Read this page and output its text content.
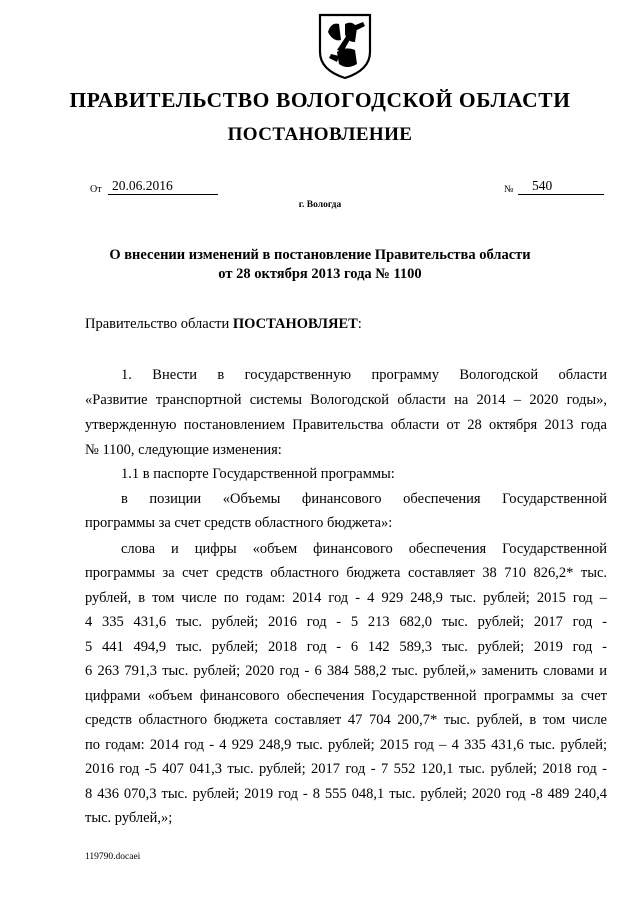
ПРАВИТЕЛЬСТВО ВОЛОГОДСКОЙ ОБЛАСТИ
ПОСТАНОВЛЕНИЕ
От 20.06.2016	№	540
г. Вологда
О внесении изменений в постановление Правительства области
от 28 октября 2013 года № 1100
Правительство области ПОСТАНОВЛЯЕТ:
1. Внести в государственную программу Вологодской области
«Развитие транспортной системы Вологодской области на 2014 – 2020 годы»,
утвержденную постановлением Правительства области от 28 октября 2013 года
№ 1100, следующие изменения:
1.1 в паспорте Государственной программы:
в позиции «Объемы финансового обеспечения Государственной
программы за счет средств областного бюджета»:
слова и цифры «объем финансового обеспечения Государственной
программы за счет средств областного бюджета составляет 38 710 826,2* тыс.
рублей, в том числе по годам: 2014 год - 4 929 248,9 тыс. рублей; 2015 год –
4 335 431,6 тыс. рублей; 2016 год - 5 213 682,0 тыс. рублей; 2017 год -
5 441 494,9 тыс. рублей; 2018 год - 6 142 589,3 тыс. рублей; 2019 год -
6 263 791,3 тыс. рублей; 2020 год - 6 384 588,2 тыс. рублей,» заменить словами и
цифрами «объем финансового обеспечения Государственной программы за счет
средств областного бюджета составляет 47 704 200,7* тыс. рублей, в том числе
по годам: 2014 год - 4 929 248,9 тыс. рублей; 2015 год – 4 335 431,6 тыс. рублей;
2016 год -5 407 041,3 тыс. рублей; 2017 год - 7 552 120,1 тыс. рублей; 2018 год -
8 436 070,3 тыс. рублей; 2019 год - 8 555 048,1 тыс. рублей; 2020 год -8 489 240,4
тыс. рублей,»;
119790.docaei
